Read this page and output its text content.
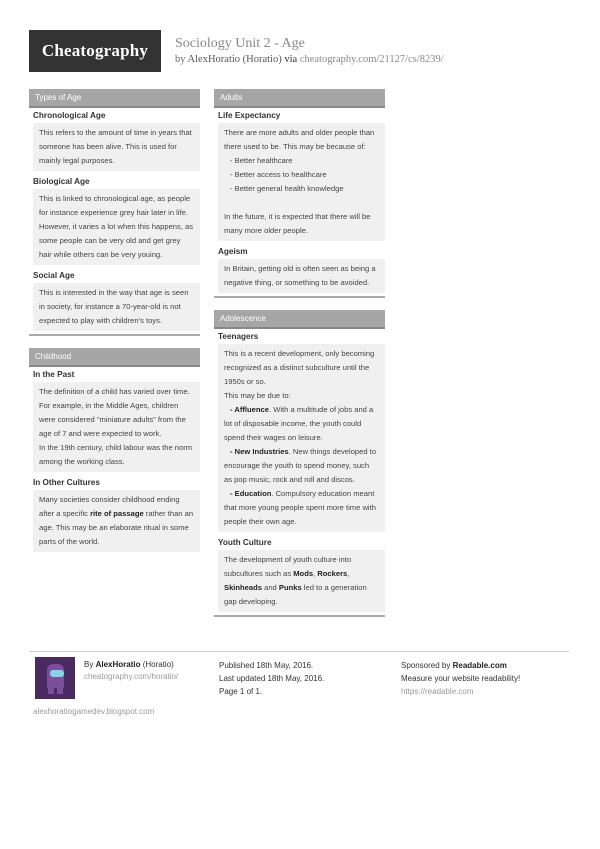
Cheatography	Sociology Unit 2 - Age
by AlexHoratio (Horatio) via cheatography.com/21127/cs/8239/
Types of Age
Chronological Age
This refers to the amount of time in years that someone has been alive. This is used for mainly legal purposes.
Biological Age
This is linked to chronological age, as people for instance experience grey hair later in life. However, it varies a lot when this happens, as some people can be very old and get grey hair while others can be very youing.
Social Age
This is interested in the way that age is seen in society, for instance a 70-year-old is not expected to play with children's toys.
Childhood
In the Past
The definition of a child has varied over time. For example, in the Middle Ages, children were considered "miniature adults" from the age of 7 and were expected to work.
In the 19th century, child labour was the norm among the working class.
In Other Cultures
Many societies consider childhood ending after a specific rite of passage rather than an age. This may be an elaborate ritual in some parts of the world.
Adults
Life Expectancy
There are more adults and older people than there used to be. This may be because of:
- Better healthcare
- Better access to healthcare
- Better general health knowledge

In the future, it is expected that there will be many more older people.
Ageism
In Britain, getting old is often seen as being a negative thing, or something to be avoided.
Adolescence
Teenagers
This is a recent development, only becoming recognized as a distinct subculture until the 1950s or so.
This may be due to:
- Affluence. With a multitude of jobs and a lot of disposable income, the youth could spend their wages on leisure.
- New Industries. New things developed to encourage the youth to spend money, such as pop music, rock and roll and discos.
- Education. Compulsory education meant that more young people spent more time with people their own age.
Youth Culture
The development of youth culture into subcultures such as Mods, Rockers, Skinheads and Punks led to a generation gap developing.
By AlexHoratio (Horatio)
cheatography.com/horatio/
alexhoratiogamedev.blogspot.com
Published 18th May, 2016.
Last updated 18th May, 2016.
Page 1 of 1.
Sponsored by Readable.com
Measure your website readability!
https://readable.com
